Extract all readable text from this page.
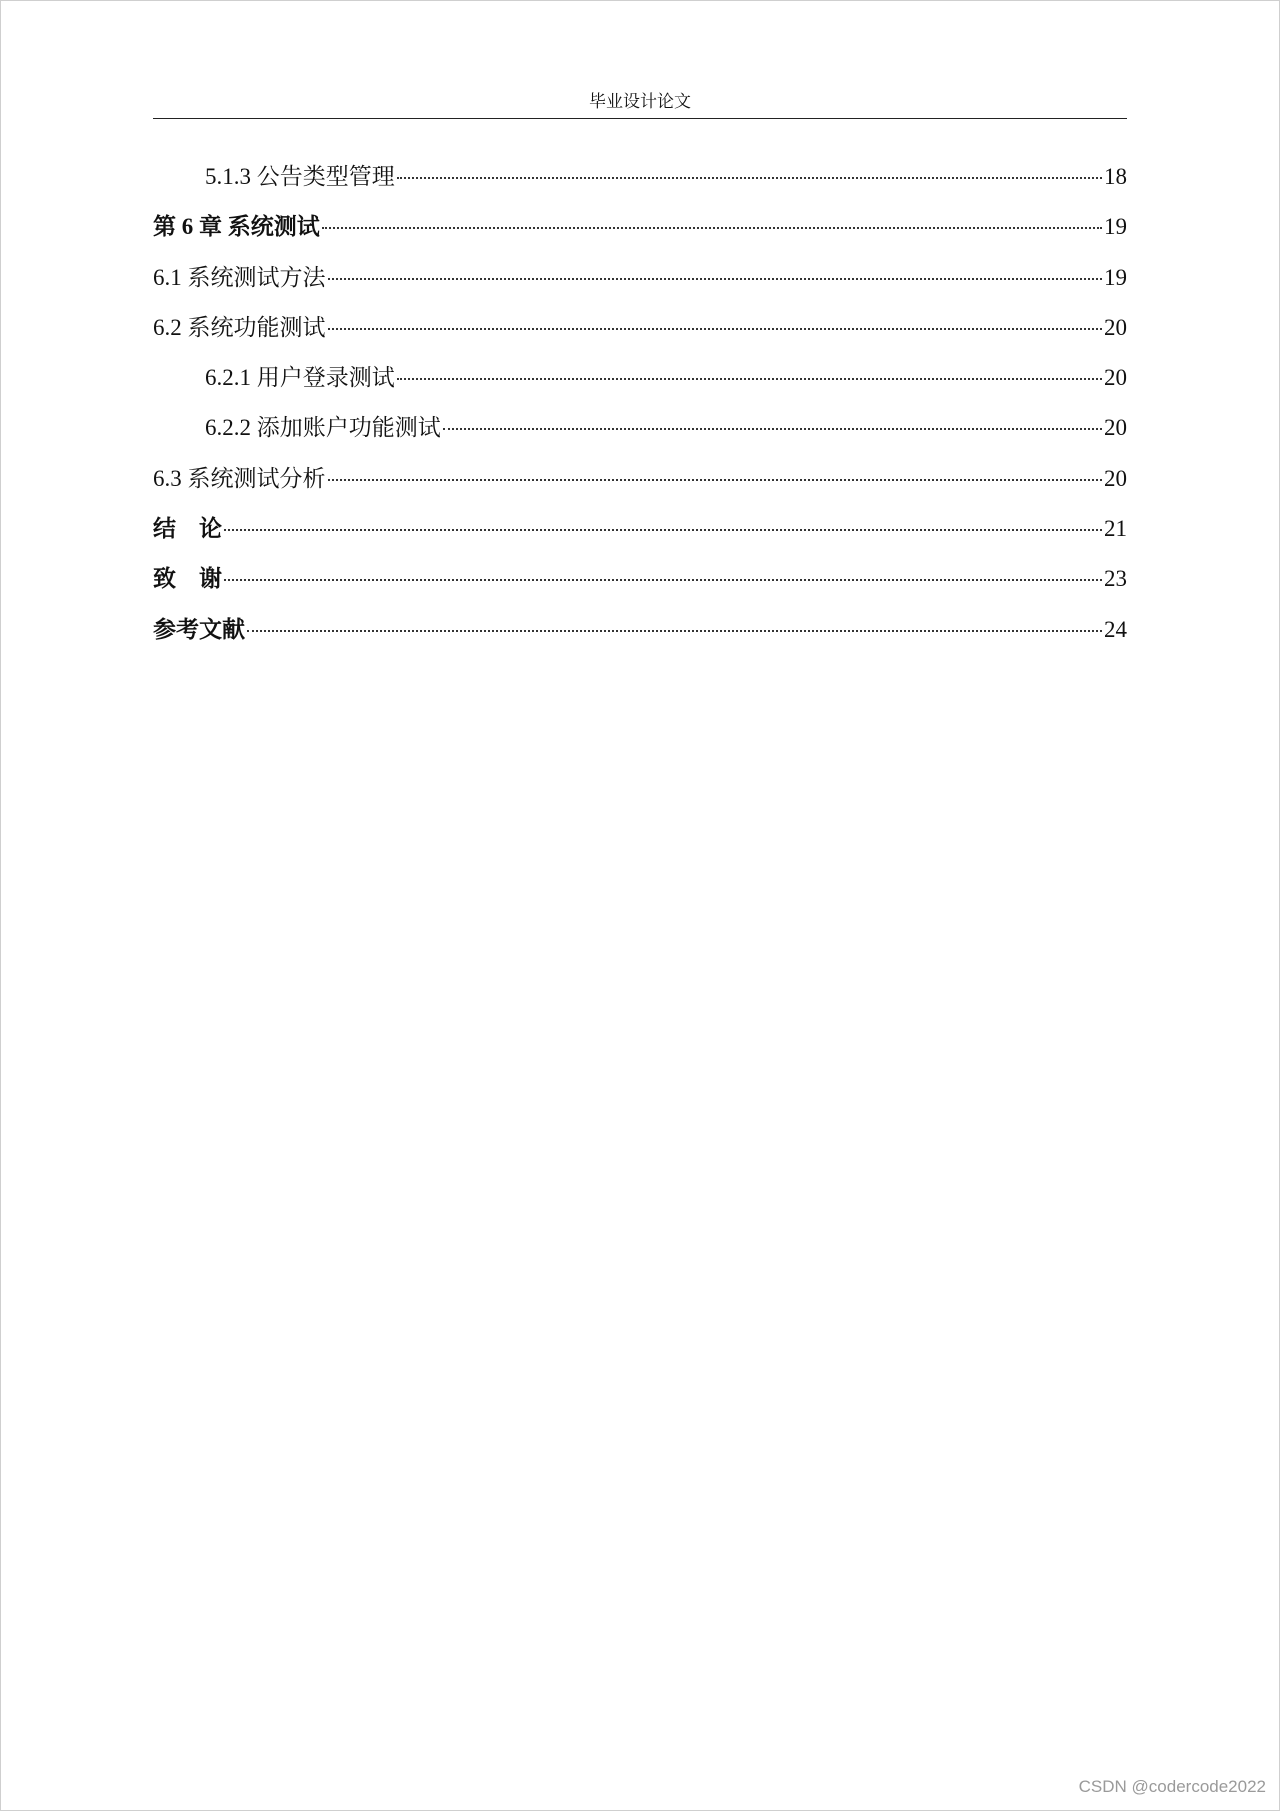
毕业设计论文
5.1.3 公告类型管理	18
第 6 章 系统测试	19
6.1 系统测试方法	19
6.2 系统功能测试	20
6.2.1 用户登录测试	20
6.2.2 添加账户功能测试	20
6.3 系统测试分析	20
结    论	21
致    谢	23
参考文献	24
CSDN @codercode2022
